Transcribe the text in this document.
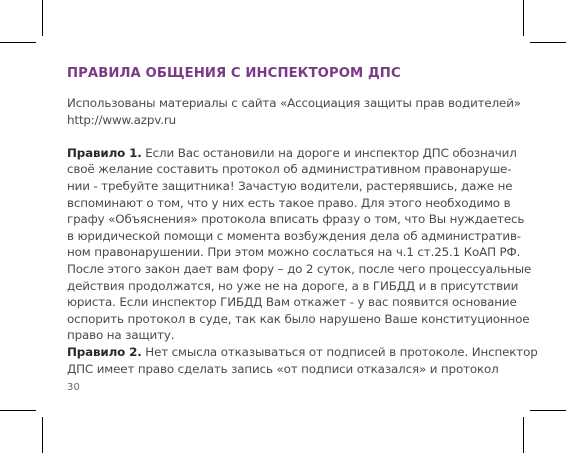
ПРАВИЛА ОБЩЕНИЯ С ИНСПЕКТОРОМ ДПС
Использованы материалы с сайта «Ассоциация защиты прав водителей»
http://www.azpv.ru
Правило 1. Если Вас остановили на дороге и инспектор ДПС обозначил
своё желание составить протокол об административном правонаруше-
нии - требуйте защитника! Зачастую водители, растерявшись, даже не
вспоминают о том, что у них есть такое право. Для этого необходимо в
графу «Объяснения» протокола вписать фразу о том, что Вы нуждаетесь
в юридической помощи с момента возбуждения дела об административ-
ном правонарушении. При этом можно сослаться на ч.1 ст.25.1 КоАП РФ.
После этого закон дает вам фору – до 2 суток, после чего процессуальные
действия продолжатся, но уже не на дороге, а в ГИБДД и в присутствии
юриста. Если инспектор ГИБДД Вам откажет - у вас появится основание
оспорить протокол в суде, так как было нарушено Ваше конституционное
право на защиту.
Правило 2. Нет смысла отказываться от подписей в протоколе. Инспектор
ДПС имеет право сделать запись «от подписи отказался» и протокол
30
